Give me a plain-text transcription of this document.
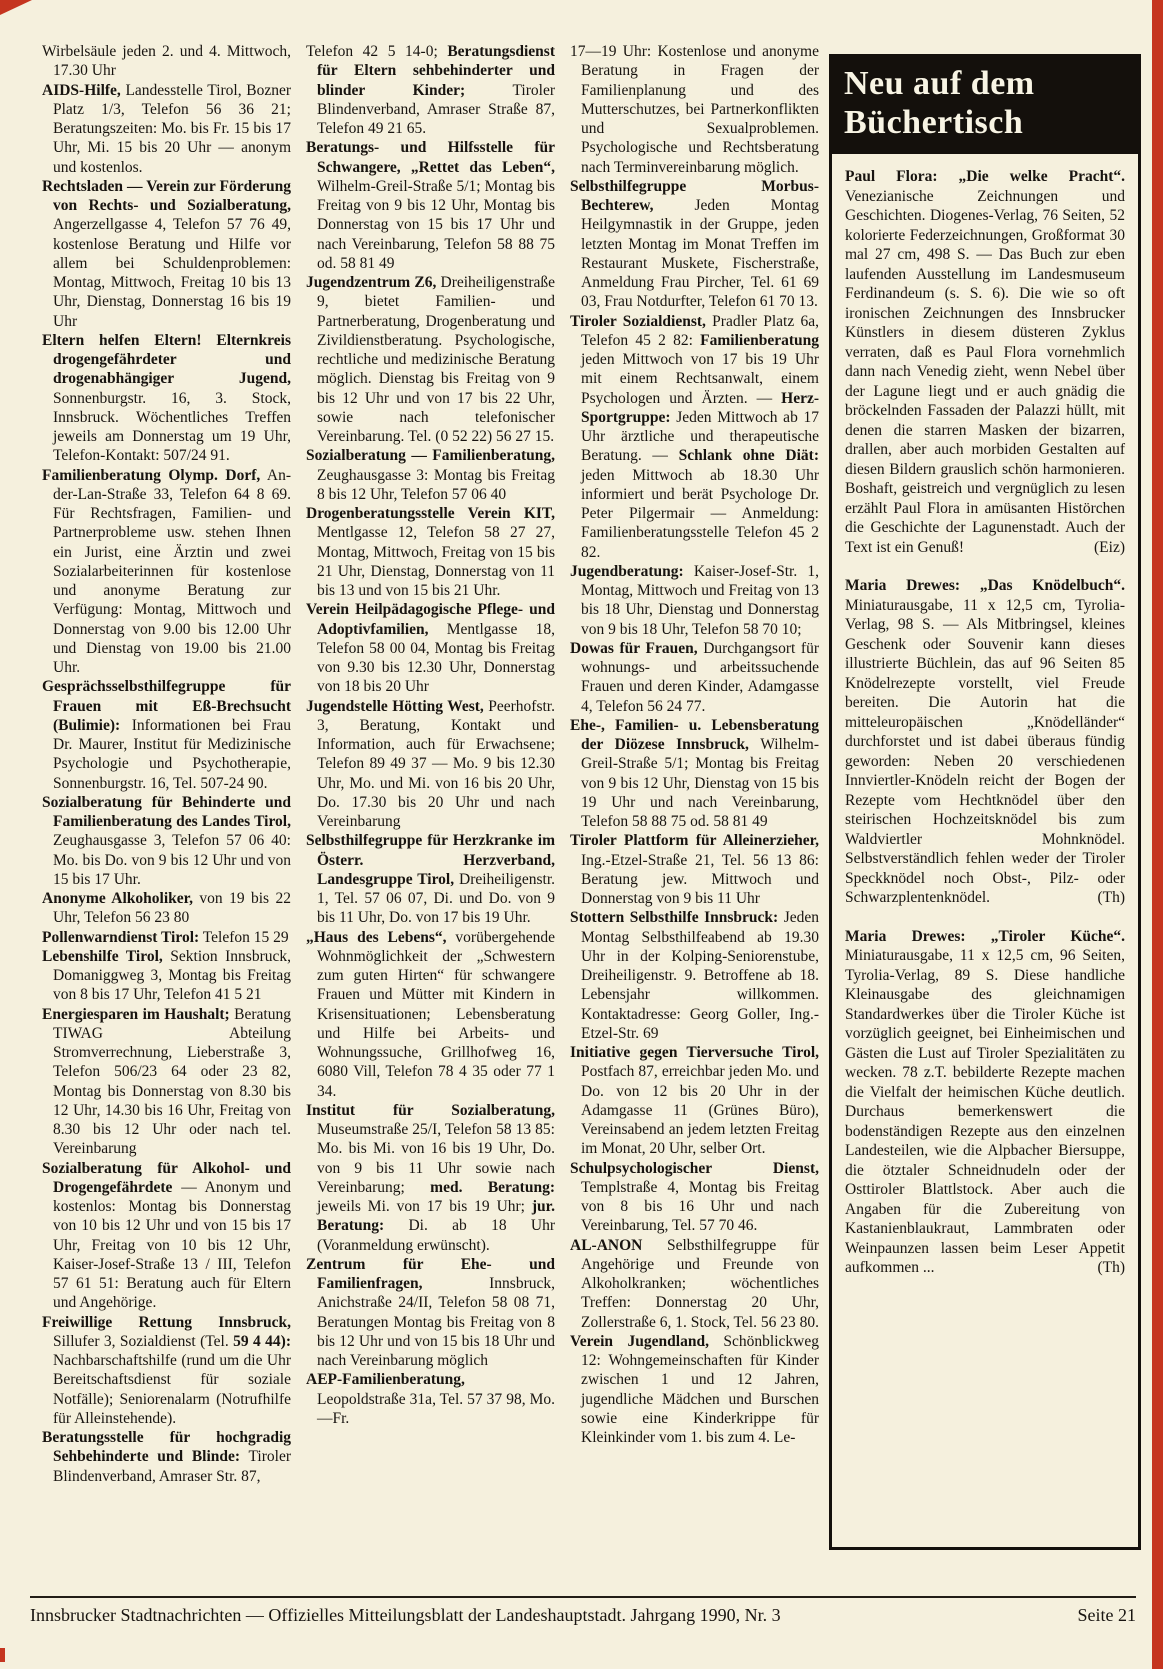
Wirbelsäule jeden 2. und 4. Mittwoch, 17.30 Uhr

AIDS-Hilfe, Landesstelle Tirol, Bozner Platz 1/3, Telefon 56 36 21; Beratungszeiten: Mo. bis Fr. 15 bis 17 Uhr, Mi. 15 bis 20 Uhr — anonym und kostenlos.

Rechtsladen — Verein zur Förderung von Rechts- und Sozialberatung, Angerzellgasse 4, Telefon 57 76 49, kostenlose Beratung und Hilfe vor allem bei Schuldenproblemen: Montag, Mittwoch, Freitag 10 bis 13 Uhr, Dienstag, Donnerstag 16 bis 19 Uhr

Eltern helfen Eltern! Elternkreis drogengefährdeter und drogenabhängiger Jugend, Sonnenburgstr. 16, 3. Stock, Innsbruck. Wöchentliches Treffen jeweils am Donnerstag um 19 Uhr, Telefon-Kontakt: 507/24 91.

Familienberatung Olymp. Dorf, An-der-Lan-Straße 33, Telefon 64 8 69. Für Rechtsfragen, Familien- und Partnerprobleme usw. stehen Ihnen ein Jurist, eine Ärztin und zwei Sozialarbeiterinnen für kostenlose und anonyme Beratung zur Verfügung: Montag, Mittwoch und Donnerstag von 9.00 bis 12.00 Uhr und Dienstag von 19.00 bis 21.00 Uhr.

Gesprächsselbsthilfegruppe für Frauen mit Eß-Brechsucht (Bulimie): Informationen bei Frau Dr. Maurer, Institut für Medizinische Psychologie und Psychotherapie, Sonnenburgstr. 16, Tel. 507-24 90.

Sozialberatung für Behinderte und Familienberatung des Landes Tirol, Zeughausgasse 3, Telefon 57 06 40: Mo. bis Do. von 9 bis 12 Uhr und von 15 bis 17 Uhr.

Anonyme Alkoholiker, von 19 bis 22 Uhr, Telefon 56 23 80

Pollenwarndienst Tirol: Telefon 15 29

Lebenshilfe Tirol, Sektion Innsbruck, Domaniggweg 3, Montag bis Freitag von 8 bis 17 Uhr, Telefon 41 5 21

Energiesparen im Haushalt; Beratung TIWAG Abteilung Stromverrechnung, Lieberstraße 3, Telefon 506/23 64 oder 23 82, Montag bis Donnerstag von 8.30 bis 12 Uhr, 14.30 bis 16 Uhr, Freitag von 8.30 bis 12 Uhr oder nach tel. Vereinbarung

Sozialberatung für Alkohol- und Drogengefährdete — Anonym und kostenlos: Montag bis Donnerstag von 10 bis 12 Uhr und von 15 bis 17 Uhr, Freitag von 10 bis 12 Uhr, Kaiser-Josef-Straße 13 / III, Telefon 57 61 51: Beratung auch für Eltern und Angehörige.

Freiwillige Rettung Innsbruck, Sillufer 3, Sozialdienst (Tel. 59 4 44): Nachbarschaftshilfe (rund um die Uhr Bereitschaftsdienst für soziale Notfälle); Seniorenalarm (Notrufhilfe für Alleinstehende).

Beratungsstelle für hochgradig Sehbehinderte und Blinde: Tiroler Blindenverband, Amraser Str. 87,

Telefon 42 5 14-0; Beratungsdienst für Eltern sehbehinderter und blinder Kinder; Tiroler Blindenverband, Amraser Straße 87, Telefon 49 21 65.

Beratungs- und Hilfsstelle für Schwangere, „Rettet das Leben“, Wilhelm-Greil-Straße 5/1; Montag bis Freitag von 9 bis 12 Uhr, Montag bis Donnerstag von 15 bis 17 Uhr und nach Vereinbarung, Telefon 58 88 75 od. 58 81 49

Jugendzentrum Z6, Dreiheiligenstraße 9, bietet Familien- und Partnerberatung, Drogenberatung und Zivildienstberatung. Psychologische, rechtliche und medizinische Beratung möglich. Dienstag bis Freitag von 9 bis 12 Uhr und von 17 bis 22 Uhr, sowie nach telefonischer Vereinbarung. Tel. (0 52 22) 56 27 15.

Sozialberatung — Familienberatung, Zeughausgasse 3: Montag bis Freitag 8 bis 12 Uhr, Telefon 57 06 40

Drogenberatungsstelle Verein KIT, Mentlgasse 12, Telefon 58 27 27, Montag, Mittwoch, Freitag von 15 bis 21 Uhr, Dienstag, Donnerstag von 11 bis 13 und von 15 bis 21 Uhr.

Verein Heilpädagogische Pflege- und Adoptivfamilien, Mentlgasse 18, Telefon 58 00 04, Montag bis Freitag von 9.30 bis 12.30 Uhr, Donnerstag von 18 bis 20 Uhr

Jugendstelle Hötting West, Peerhofstr. 3, Beratung, Kontakt und Information, auch für Erwachsene; Telefon 89 49 37 — Mo. 9 bis 12.30 Uhr, Mo. und Mi. von 16 bis 20 Uhr, Do. 17.30 bis 20 Uhr und nach Vereinbarung

Selbsthilfegruppe für Herzkranke im Österr. Herzverband, Landesgruppe Tirol, Dreiheiligenstr. 1, Tel. 57 06 07, Di. und Do. von 9 bis 11 Uhr, Do. von 17 bis 19 Uhr.

„Haus des Lebens“, vorübergehende Wohnmöglichkeit der „Schwestern zum guten Hirten“ für schwangere Frauen und Mütter mit Kindern in Krisensituationen; Lebensberatung und Hilfe bei Arbeits- und Wohnungssuche, Grillhofweg 16, 6080 Vill, Telefon 78 4 35 oder 77 1 34.

Institut für Sozialberatung, Museumstraße 25/I, Telefon 58 13 85: Mo. bis Mi. von 16 bis 19 Uhr, Do. von 9 bis 11 Uhr sowie nach Vereinbarung; med. Beratung: jeweils Mi. von 17 bis 19 Uhr; jur. Beratung: Di. ab 18 Uhr (Voranmeldung erwünscht).

Zentrum für Ehe- und Familienfragen, Innsbruck, Anichstraße 24/II, Telefon 58 08 71, Beratungen Montag bis Freitag von 8 bis 12 Uhr und von 15 bis 18 Uhr und nach Vereinbarung möglich

AEP-Familienberatung, Leopoldstraße 31a, Tel. 57 37 98, Mo.—Fr.

17—19 Uhr: Kostenlose und anonyme Beratung in Fragen der Familienplanung und des Mutterschutzes, bei Partnerkonflikten und Sexualproblemen. Psychologische und Rechtsberatung nach Terminvereinbarung möglich.

Selbsthilfegruppe Morbus-Bechterew, Jeden Montag Heilgymnastik in der Gruppe, jeden letzten Montag im Monat Treffen im Restaurant Muskete, Fischerstraße, Anmeldung Frau Pircher, Tel. 61 69 03, Frau Notdurfter, Telefon 61 70 13.

Tiroler Sozialdienst, Pradler Platz 6a, Telefon 45 2 82: Familienberatung jeden Mittwoch von 17 bis 19 Uhr mit einem Rechtsanwalt, einem Psychologen und Ärzten. — Herz-Sportgruppe: Jeden Mittwoch ab 17 Uhr ärztliche und therapeutische Beratung. — Schlank ohne Diät: jeden Mittwoch ab 18.30 Uhr informiert und berät Psychologe Dr. Peter Pilgermair — Anmeldung: Familienberatungsstelle Telefon 45 2 82.

Jugendberatung: Kaiser-Josef-Str. 1, Montag, Mittwoch und Freitag von 13 bis 18 Uhr, Dienstag und Donnerstag von 9 bis 18 Uhr, Telefon 58 70 10;

Dowas für Frauen, Durchgangsort für wohnungs- und arbeitssuchende Frauen und deren Kinder, Adamgasse 4, Telefon 56 24 77.

Ehe-, Familien- u. Lebensberatung der Diözese Innsbruck, Wilhelm-Greil-Straße 5/1; Montag bis Freitag von 9 bis 12 Uhr, Dienstag von 15 bis 19 Uhr und nach Vereinbarung, Telefon 58 88 75 od. 58 81 49

Tiroler Plattform für Alleinerzieher, Ing.-Etzel-Straße 21, Tel. 56 13 86: Beratung jew. Mittwoch und Donnerstag von 9 bis 11 Uhr

Stottern Selbsthilfe Innsbruck: Jeden Montag Selbsthilfeabend ab 19.30 Uhr in der Kolping-Seniorenstube, Dreiheiligenstr. 9. Betroffene ab 18. Lebensjahr willkommen. Kontaktadresse: Georg Goller, Ing.-Etzel-Str. 69

Initiative gegen Tierversuche Tirol, Postfach 87, erreichbar jeden Mo. und Do. von 12 bis 20 Uhr in der Adamgasse 11 (Grünes Büro), Vereinsabend an jedem letzten Freitag im Monat, 20 Uhr, selber Ort.

Schulpsychologischer Dienst, Templstraße 4, Montag bis Freitag von 8 bis 16 Uhr und nach Vereinbarung, Tel. 57 70 46.

AL-ANON Selbsthilfegruppe für Angehörige und Freunde von Alkoholkranken; wöchentliches Treffen: Donnerstag 20 Uhr, Zollerstraße 6, 1. Stock, Tel. 56 23 80.

Verein Jugendland, Schönblickweg 12: Wohngemeinschaften für Kinder zwischen 1 und 12 Jahren, jugendliche Mädchen und Burschen sowie eine Kinderkrippe für Kleinkinder vom 1. bis zum 4. Le-

Neu auf dem
Büchertisch

Paul Flora: „Die welke Pracht“. Venezianische Zeichnungen und Geschichten. Diogenes-Verlag, 76 Seiten, 52 kolorierte Federzeichnungen, Großformat 30 mal 27 cm, 498 S. — Das Buch zur eben laufenden Ausstellung im Landesmuseum Ferdinandeum (s. S. 6). Die wie so oft ironischen Zeichnungen des Innsbrucker Künstlers in diesem düsteren Zyklus verraten, daß es Paul Flora vornehmlich dann nach Venedig zieht, wenn Nebel über der Lagune liegt und er auch gnädig die bröckelnden Fassaden der Palazzi hüllt, mit denen die starren Masken der bizarren, drallen, aber auch morbiden Gestalten auf diesen Bildern grauslich schön harmonieren. Boshaft, geistreich und vergnüglich zu lesen erzählt Paul Flora in amüsanten Histörchen die Geschichte der Lagunenstadt. Auch der Text ist ein Genuß!	(Eiz)

Maria Drewes: „Das Knödelbuch“. Miniaturausgabe, 11 x 12,5 cm, Tyrolia-Verlag, 98 S. — Als Mitbringsel, kleines Geschenk oder Souvenir kann dieses illustrierte Büchlein, das auf 96 Seiten 85 Knödelrezepte vorstellt, viel Freude bereiten. Die Autorin hat die mitteleuropäischen „Knödelländer“ durchforstet und ist dabei überaus fündig geworden: Neben 20 verschiedenen Innviertler-Knödeln reicht der Bogen der Rezepte vom Hechtknödel über den steirischen Hochzeitsknödel bis zum Waldviertler Mohnknödel. Selbstverständlich fehlen weder der Tiroler Speckknödel noch Obst-, Pilz- oder Schwarzplentenknödel.	(Th)

Maria Drewes: „Tiroler Küche“. Miniaturausgabe, 11 x 12,5 cm, 96 Seiten, Tyrolia-Verlag, 89 S. Diese handliche Kleinausgabe des gleichnamigen Standardwerkes über die Tiroler Küche ist vorzüglich geeignet, bei Einheimischen und Gästen die Lust auf Tiroler Spezialitäten zu wecken. 78 z.T. bebilderte Rezepte machen die Vielfalt der heimischen Küche deutlich. Durchaus bemerkenswert die bodenständigen Rezepte aus den einzelnen Landesteilen, wie die Alpbacher Biersuppe, die ötztaler Schneidnudeln oder der Osttiroler Blattlstock. Aber auch die Angaben für die Zubereitung von Kastanienblaukraut, Lammbraten oder Weinpaunzen lassen beim Leser Appetit aufkommen ...	(Th)

Innsbrucker Stadtnachrichten — Offizielles Mitteilungsblatt der Landeshauptstadt. Jahrgang 1990, Nr. 3	Seite 21
